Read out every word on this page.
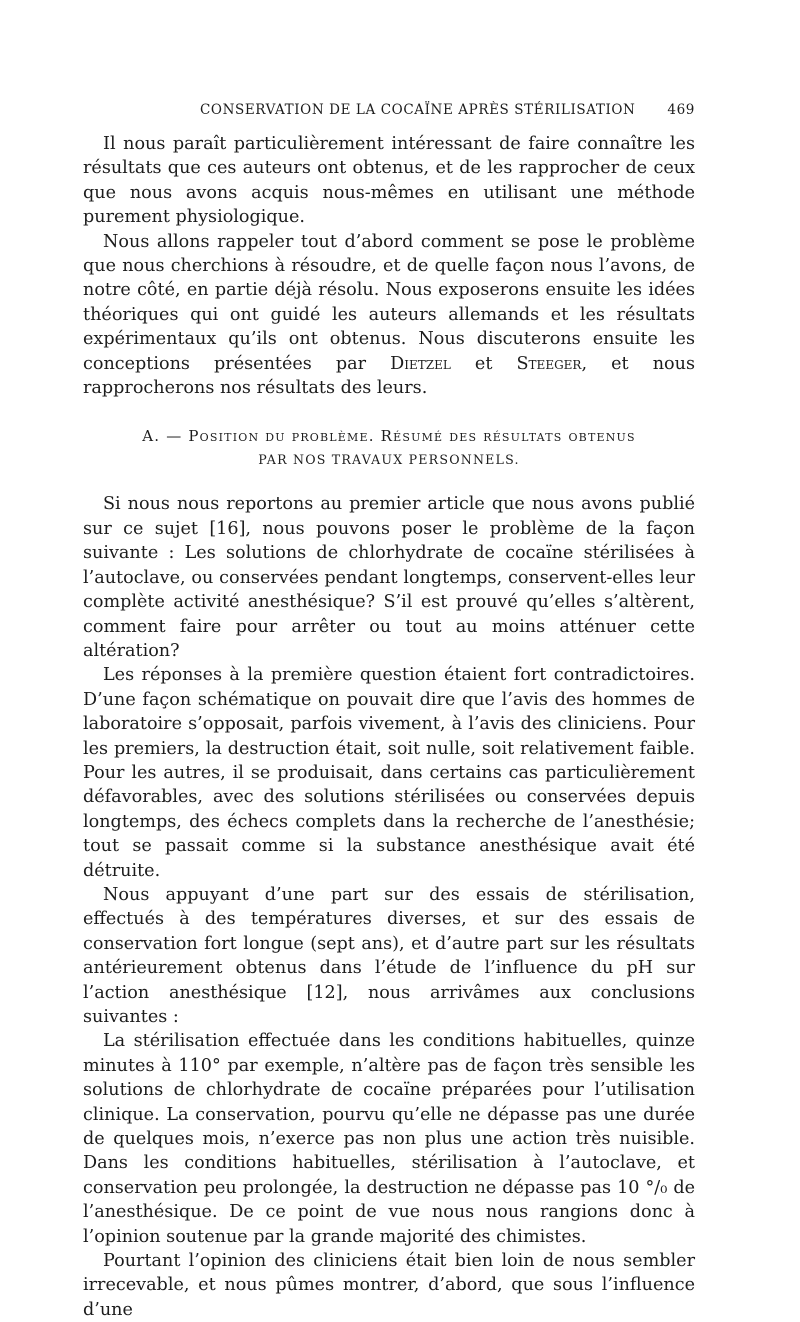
CONSERVATION DE LA COCAÏNE APRÈS STÉRILISATION 469

Il nous paraît particulièrement intéressant de faire connaître les résultats que ces auteurs ont obtenus, et de les rapprocher de ceux que nous avons acquis nous-mêmes en utilisant une méthode purement physiologique.

Nous allons rappeler tout d’abord comment se pose le problème que nous cherchions à résoudre, et de quelle façon nous l’avons, de notre côté, en partie déjà résolu. Nous exposerons ensuite les idées théoriques qui ont guidé les auteurs allemands et les résultats expérimentaux qu’ils ont obtenus. Nous discuterons ensuite les conceptions présentées par Dietzel et Steeger, et nous rapprocherons nos résultats des leurs.

A. — Position du problème. Résumé des résultats obtenus
PAR NOS TRAVAUX PERSONNELS.

Si nous nous reportons au premier article que nous avons publié sur ce sujet [16], nous pouvons poser le problème de la façon suivante : Les solutions de chlorhydrate de cocaïne stérilisées à l’autoclave, ou conservées pendant longtemps, conservent-elles leur complète activité anesthésique? S’il est prouvé qu’elles s’altèrent, comment faire pour arrêter ou tout au moins atténuer cette altération?

Les réponses à la première question étaient fort contradictoires. D’une façon schématique on pouvait dire que l’avis des hommes de laboratoire s’opposait, parfois vivement, à l’avis des cliniciens. Pour les premiers, la destruction était, soit nulle, soit relativement faible. Pour les autres, il se produisait, dans certains cas particulièrement défavorables, avec des solutions stérilisées ou conservées depuis longtemps, des échecs complets dans la recherche de l’anesthésie; tout se passait comme si la substance anesthésique avait été détruite.

Nous appuyant d’une part sur des essais de stérilisation, effectués à des températures diverses, et sur des essais de conservation fort longue (sept ans), et d’autre part sur les résultats antérieurement obtenus dans l’étude de l’influence du pH sur l’action anesthésique [12], nous arrivâmes aux conclusions suivantes :

La stérilisation effectuée dans les conditions habituelles, quinze minutes à 110° par exemple, n’altère pas de façon très sensible les solutions de chlorhydrate de cocaïne préparées pour l’utilisation clinique. La conservation, pourvu qu’elle ne dépasse pas une durée de quelques mois, n’exerce pas non plus une action très nuisible. Dans les conditions habituelles, stérilisation à l’autoclave, et conservation peu prolongée, la destruction ne dépasse pas 10 °/₀ de l’anesthésique. De ce point de vue nous nous rangions donc à l’opinion soutenue par la grande majorité des chimistes.

Pourtant l’opinion des cliniciens était bien loin de nous sembler irrecevable, et nous pûmes montrer, d’abord, que sous l’influence d’une
